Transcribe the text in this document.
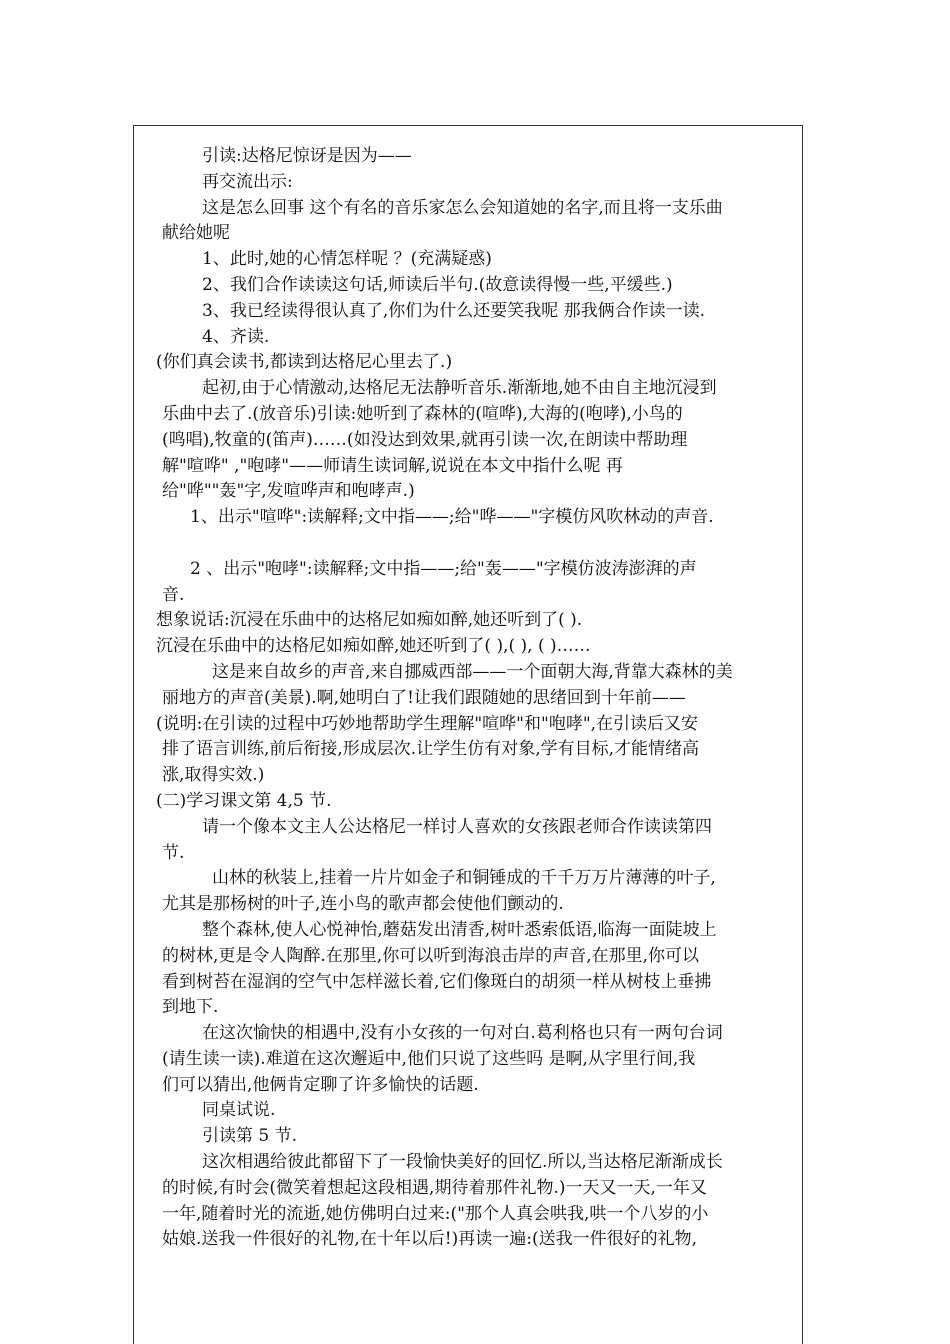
引读:达格尼惊讶是因为——
再交流出示:
这是怎么回事 这个有名的音乐家怎么会知道她的名字,而且将一支乐曲
献给她呢
1、此时,她的心情怎样呢 ？(充满疑惑)
2、我们合作读读这句话,师读后半句.(故意读得慢一些,平缓些.)
3、我已经读得很认真了,你们为什么还要笑我呢 那我俩合作读一读.
4、齐读.
(你们真会读书,都读到达格尼心里去了.)
起初,由于心情激动,达格尼无法静听音乐.渐渐地,她不由自主地沉浸到
乐曲中去了.(放音乐)引读:她听到了森林的(喧哗),大海的(咆哮),小鸟的
(鸣唱),牧童的(笛声)……(如没达到效果,就再引读一次,在朗读中帮助理
解"喧哗" ,"咆哮"——师请生读词解,说说在本文中指什么呢 再
给"哗""轰"字,发喧哗声和咆哮声.)
1、出示"喧哗":读解释;文中指——;给"哗——"字模仿风吹林动的声音.
2 、出示"咆哮":读解释;文中指——;给"轰——"字模仿波涛澎湃的声
音.
想象说话:沉浸在乐曲中的达格尼如痴如醉,她还听到了( ).
沉浸在乐曲中的达格尼如痴如醉,她还听到了( ),( ), ( )……
这是来自故乡的声音,来自挪威西部——一个面朝大海,背靠大森林的美
丽地方的声音(美景).啊,她明白了!让我们跟随她的思绪回到十年前——
(说明:在引读的过程中巧妙地帮助学生理解"喧哗"和"咆哮",在引读后又安
排了语言训练,前后衔接,形成层次.让学生仿有对象,学有目标,才能情绪高
涨,取得实效.)
(二)学习课文第 4,5 节.
请一个像本文主人公达格尼一样讨人喜欢的女孩跟老师合作读读第四
节.
山林的秋装上,挂着一片片如金子和铜锤成的千千万万片薄薄的叶子,
尤其是那杨树的叶子,连小鸟的歌声都会使他们颤动的.
整个森林,使人心悦神怡,蘑菇发出清香,树叶悉索低语,临海一面陡坡上
的树林,更是令人陶醉.在那里,你可以听到海浪击岸的声音,在那里,你可以
看到树苔在湿润的空气中怎样滋长着,它们像斑白的胡须一样从树枝上垂拂
到地下.
在这次愉快的相遇中,没有小女孩的一句对白.葛利格也只有一两句台词
(请生读一读).难道在这次邂逅中,他们只说了这些吗 是啊,从字里行间,我
们可以猜出,他俩肯定聊了许多愉快的话题.
同桌试说.
引读第 5 节.
这次相遇给彼此都留下了一段愉快美好的回忆.所以,当达格尼渐渐成长
的时候,有时会(微笑着想起这段相遇,期待着那件礼物.)一天又一天,一年又
一年,随着时光的流逝,她仿佛明白过来:("那个人真会哄我,哄一个八岁的小
姑娘.送我一件很好的礼物,在十年以后!)再读一遍:(送我一件很好的礼物,
